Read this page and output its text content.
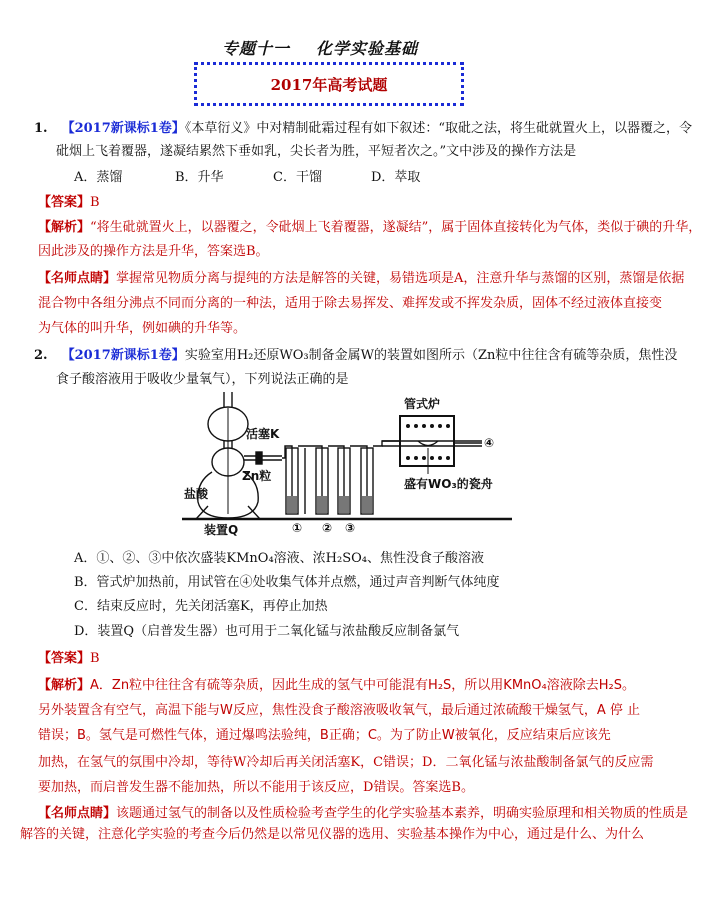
专题十一 化学实验基础
2017年高考试题
1. 【2017新课标1卷】《本草衍义》中对精制砒霜过程有如下叙述：“取砒之法，将生砒就置火上，以器覆之，令
砒烟上飞着覆器，遂凝结累然下垂如乳，尖长者为胜，平短者次之。”文中涉及的操作方法是
A．蒸馏	B．升华	C．干馏	D．萃取
【答案】B
【解析】“将生砒就置火上，以器覆之，令砒烟上飞着覆器，遂凝结”，属于固体直接转化为气体，类似于碘的升华，
因此涉及的操作方法是升华，答案选B。
【名师点睛】掌握常见物质分离与提纯的方法是解答的关键，易错选项是A，注意升华与蒸馏的区别，蒸馏是依据
混合物中各组分沸点不同而分离的一种法，适用于除去易挥发、难挥发或不挥发杂质，固体不经过液体直接变
为气体的叫升华，例如碘的升华等。
2. 【2017新课标1卷】实验室用H₂还原WO₃制备金属W的装置如图所示（Zn粒中往往含有硫等杂质，焦性没
食子酸溶液用于吸收少量氧气），下列说法正确的是
活塞K
Zn粒
盐酸
装置Q
管式炉
盛有WO₃的瓷舟
④
① ② ③
A．①、②、③中依次盛装KMnO₄溶液、浓H₂SO₄、焦性没食子酸溶液
B．管式炉加热前，用试管在④处收集气体并点燃，通过声音判断气体纯度
C．结束反应时，先关闭活塞K，再停止加热
D．装置Q（启普发生器）也可用于二氧化锰与浓盐酸反应制备氯气
【答案】B
【解析】A．Zn粒中往往含有硫等杂质，因此生成的氢气中可能混有H₂S，所以用KMnO₄溶液除去H₂S。
另外装置含有空气，高温下能与W反应，焦性没食子酸溶液吸收氧气，最后通过浓硫酸干燥氢气，A 停 止
错误；B。氢气是可燃性气体，通过爆鸣法验纯，B正确；C。为了防止W被氧化，反应结束后应该先
加热，在氢气的氛围中冷却，等待W冷却后再关闭活塞K，C错误；D．二氧化锰与浓盐酸制备氯气的反应需
要加热，而启普发生器不能加热，所以不能用于该反应，D错误。答案选B。
【名师点睛】该题通过氢气的制备以及性质检验考查学生的化学实验基本素养，明确实验原理和相关物质的性质是
解答的关键，注意化学实验的考查今后仍然是以常见仪器的选用、实验基本操作为中心，通过是什么、为什么
